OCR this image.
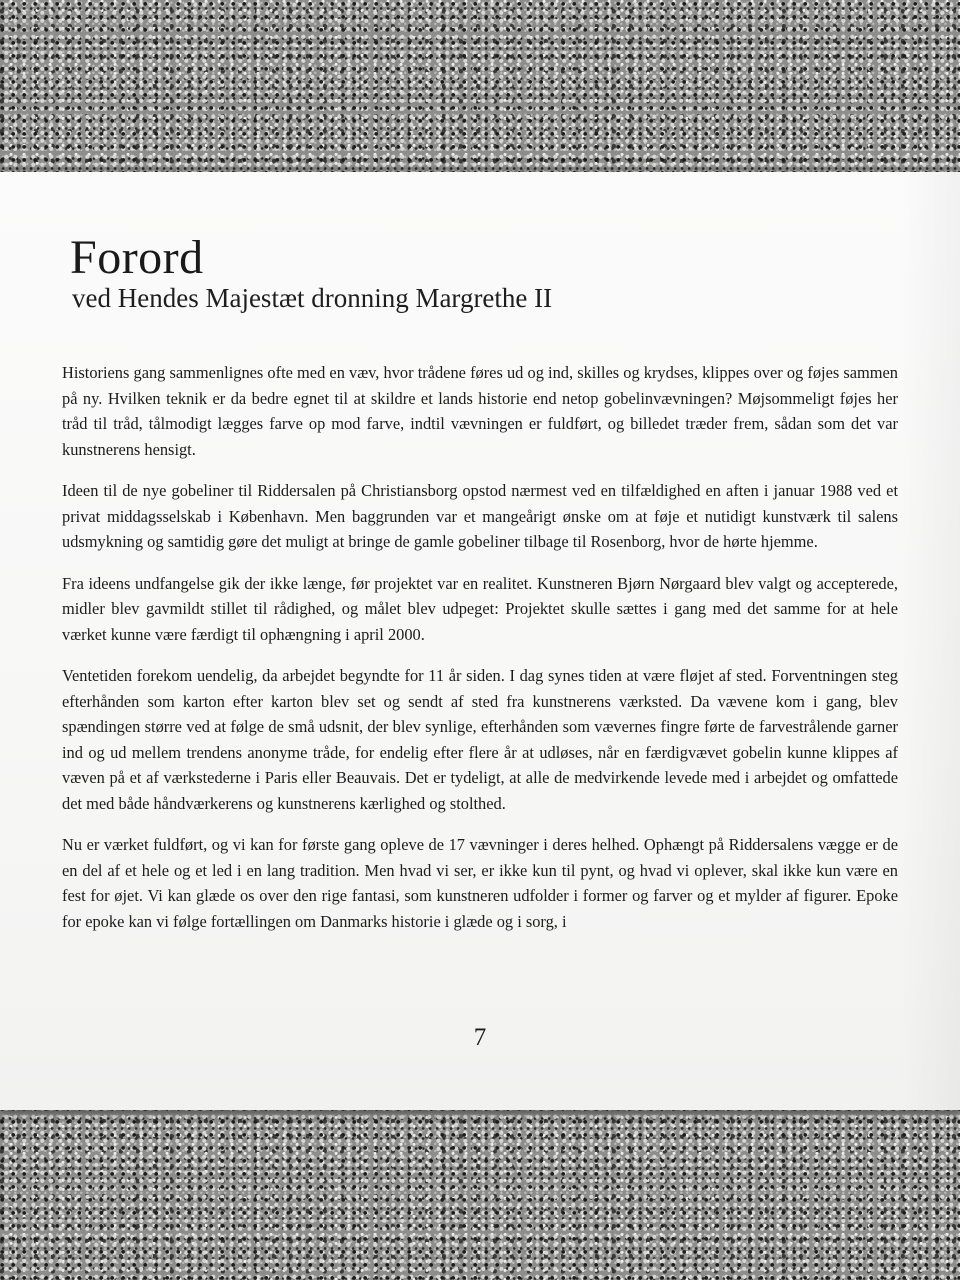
Forord
ved Hendes Majestæt dronning Margrethe II

Historiens gang sammenlignes ofte med en væv, hvor trådene føres ud og ind, skilles og krydses, klippes over og føjes sammen på ny. Hvilken teknik er da bedre egnet til at skildre et lands historie end netop gobelinvævningen? Møjsommeligt føjes her tråd til tråd, tålmodigt lægges farve op mod farve, indtil vævningen er fuldført, og billedet træder frem, sådan som det var kunstnerens hensigt.

Ideen til de nye gobeliner til Riddersalen på Christiansborg opstod nærmest ved en tilfældighed en aften i januar 1988 ved et privat middagsselskab i København. Men baggrunden var et mangeårigt ønske om at føje et nutidigt kunstværk til salens udsmykning og samtidig gøre det muligt at bringe de gamle gobeliner tilbage til Rosenborg, hvor de hørte hjemme.

Fra ideens undfangelse gik der ikke længe, før projektet var en realitet. Kunstneren Bjørn Nørgaard blev valgt og accepterede, midler blev gavmildt stillet til rådighed, og målet blev udpeget: Projektet skulle sættes i gang med det samme for at hele værket kunne være færdigt til ophængning i april 2000.

Ventetiden forekom uendelig, da arbejdet begyndte for 11 år siden. I dag synes tiden at være fløjet af sted. Forventningen steg efterhånden som karton efter karton blev set og sendt af sted fra kunstnerens værksted. Da vævene kom i gang, blev spændingen større ved at følge de små udsnit, der blev synlige, efterhånden som vævernes fingre førte de farvestrålende garner ind og ud mellem trendens anonyme tråde, for endelig efter flere år at udløses, når en færdigvævet gobelin kunne klippes af væven på et af værkstederne i Paris eller Beauvais. Det er tydeligt, at alle de medvirkende levede med i arbejdet og omfattede det med både håndværkerens og kunstnerens kærlighed og stolthed.

Nu er værket fuldført, og vi kan for første gang opleve de 17 vævninger i deres helhed. Ophængt på Riddersalens vægge er de en del af et hele og et led i en lang tradition. Men hvad vi ser, er ikke kun til pynt, og hvad vi oplever, skal ikke kun være en fest for øjet. Vi kan glæde os over den rige fantasi, som kunstneren udfolder i former og farver og et mylder af figurer. Epoke for epoke kan vi følge fortællingen om Danmarks historie i glæde og i sorg, i

7
